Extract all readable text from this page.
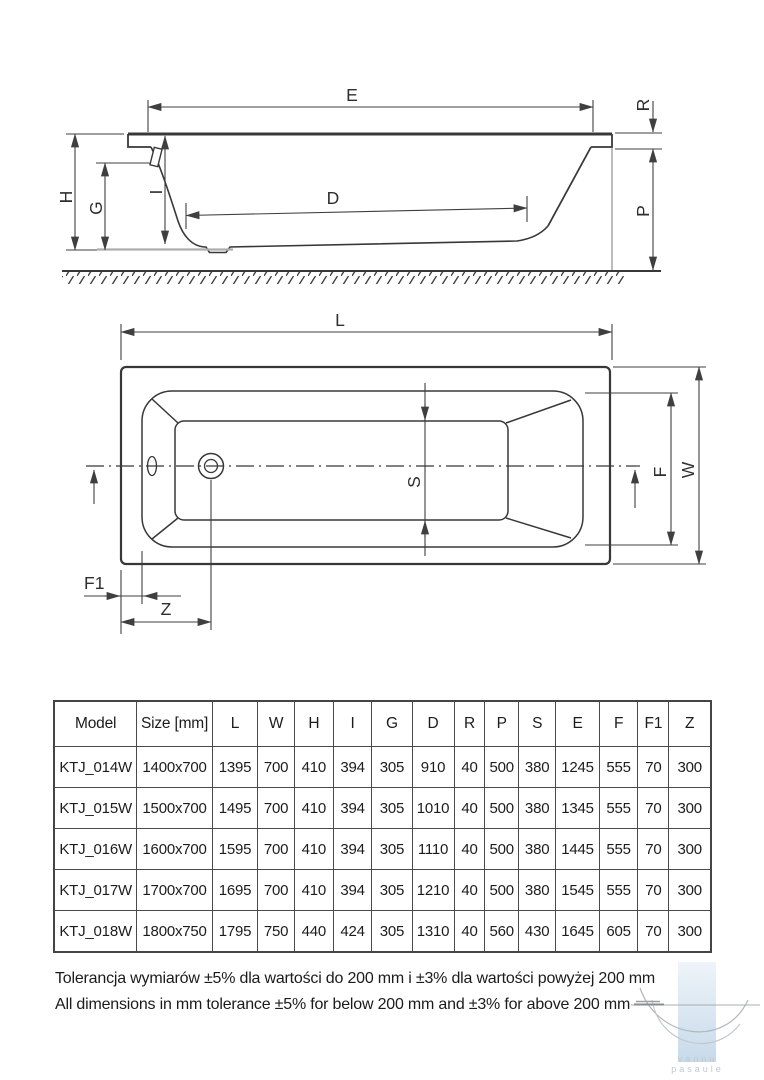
E
H
G
I	D
R
P
L
W
F
S
F1
Z
Model	Size [mm]	L	W	H	I	G	D	R	P	S	E	F	F1	Z
KTJ_014W	1400x700	1395	700	410	394	305	910	40	500	380	1245	555	70	300
KTJ_015W	1500x700	1495	700	410	394	305	1010	40	500	380	1345	555	70	300
KTJ_016W	1600x700	1595	700	410	394	305	1110	40	500	380	1445	555	70	300
KTJ_017W	1700x700	1695	700	410	394	305	1210	40	500	380	1545	555	70	300
KTJ_018W	1800x750	1795	750	440	424	305	1310	40	560	430	1645	605	70	300
Tolerancja wymiarów ±5% dla wartości do 200 mm i ±3% dla wartości powyżej 200 mm
All dimensions in mm tolerance ±5% for below 200 mm and ±3% for above 200 mm
vannu
pasaule
